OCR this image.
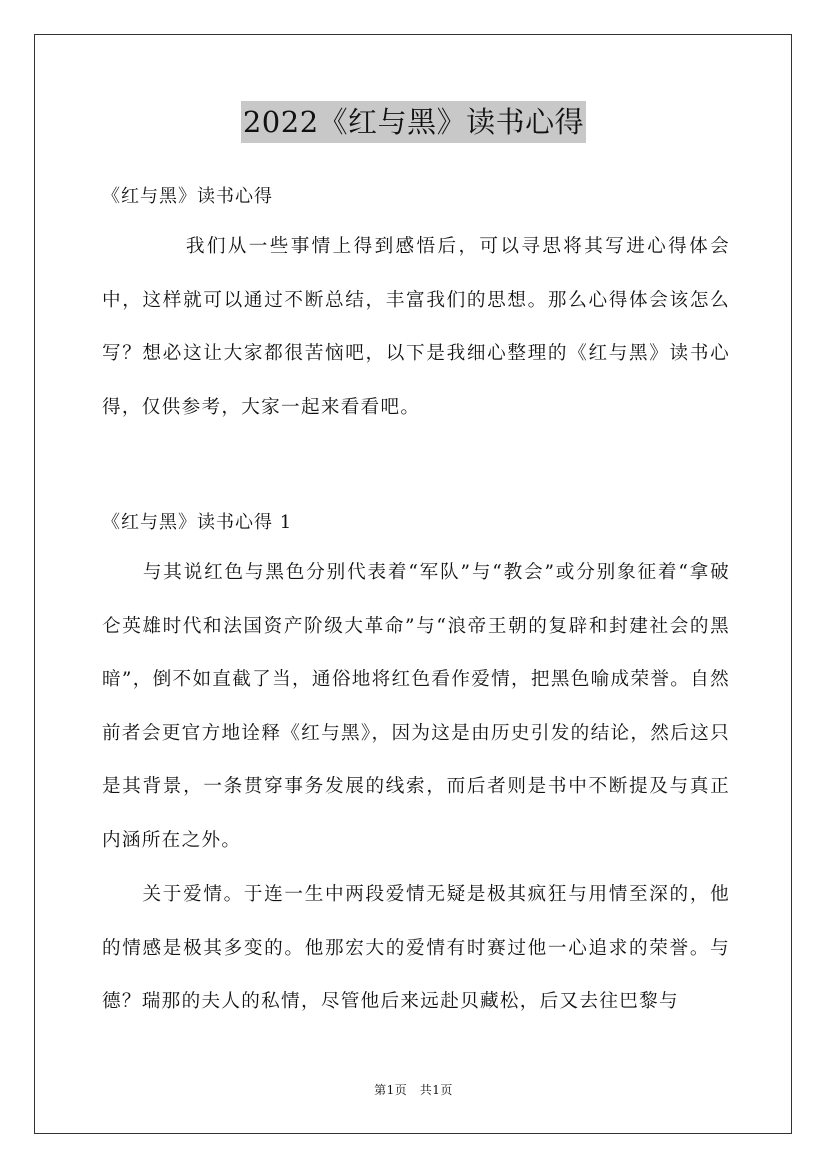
2022《红与黑》读书心得

《红与黑》读书心得

　　　　我们从一些事情上得到感悟后，可以寻思将其写进心得体会中，这样就可以通过不断总结，丰富我们的思想。那么心得体会该怎么写？想必这让大家都很苦恼吧，以下是我细心整理的《红与黑》读书心得，仅供参考，大家一起来看看吧。

《红与黑》读书心得 1

　　与其说红色与黑色分别代表着“军队”与“教会”或分别象征着“拿破仑英雄时代和法国资产阶级大革命”与“浪帝王朝的复辟和封建社会的黑暗”，倒不如直截了当，通俗地将红色看作爱情，把黑色喻成荣誉。自然前者会更官方地诠释《红与黑》，因为这是由历史引发的结论，然后这只是其背景，一条贯穿事务发展的线索，而后者则是书中不断提及与真正内涵所在之外。

　　关于爱情。于连一生中两段爱情无疑是极其疯狂与用情至深的，他的情感是极其多变的。他那宏大的爱情有时赛过他一心追求的荣誉。与德？瑞那的夫人的私情，尽管他后来远赴贝藏松，后又去往巴黎与

第1页　共1页
